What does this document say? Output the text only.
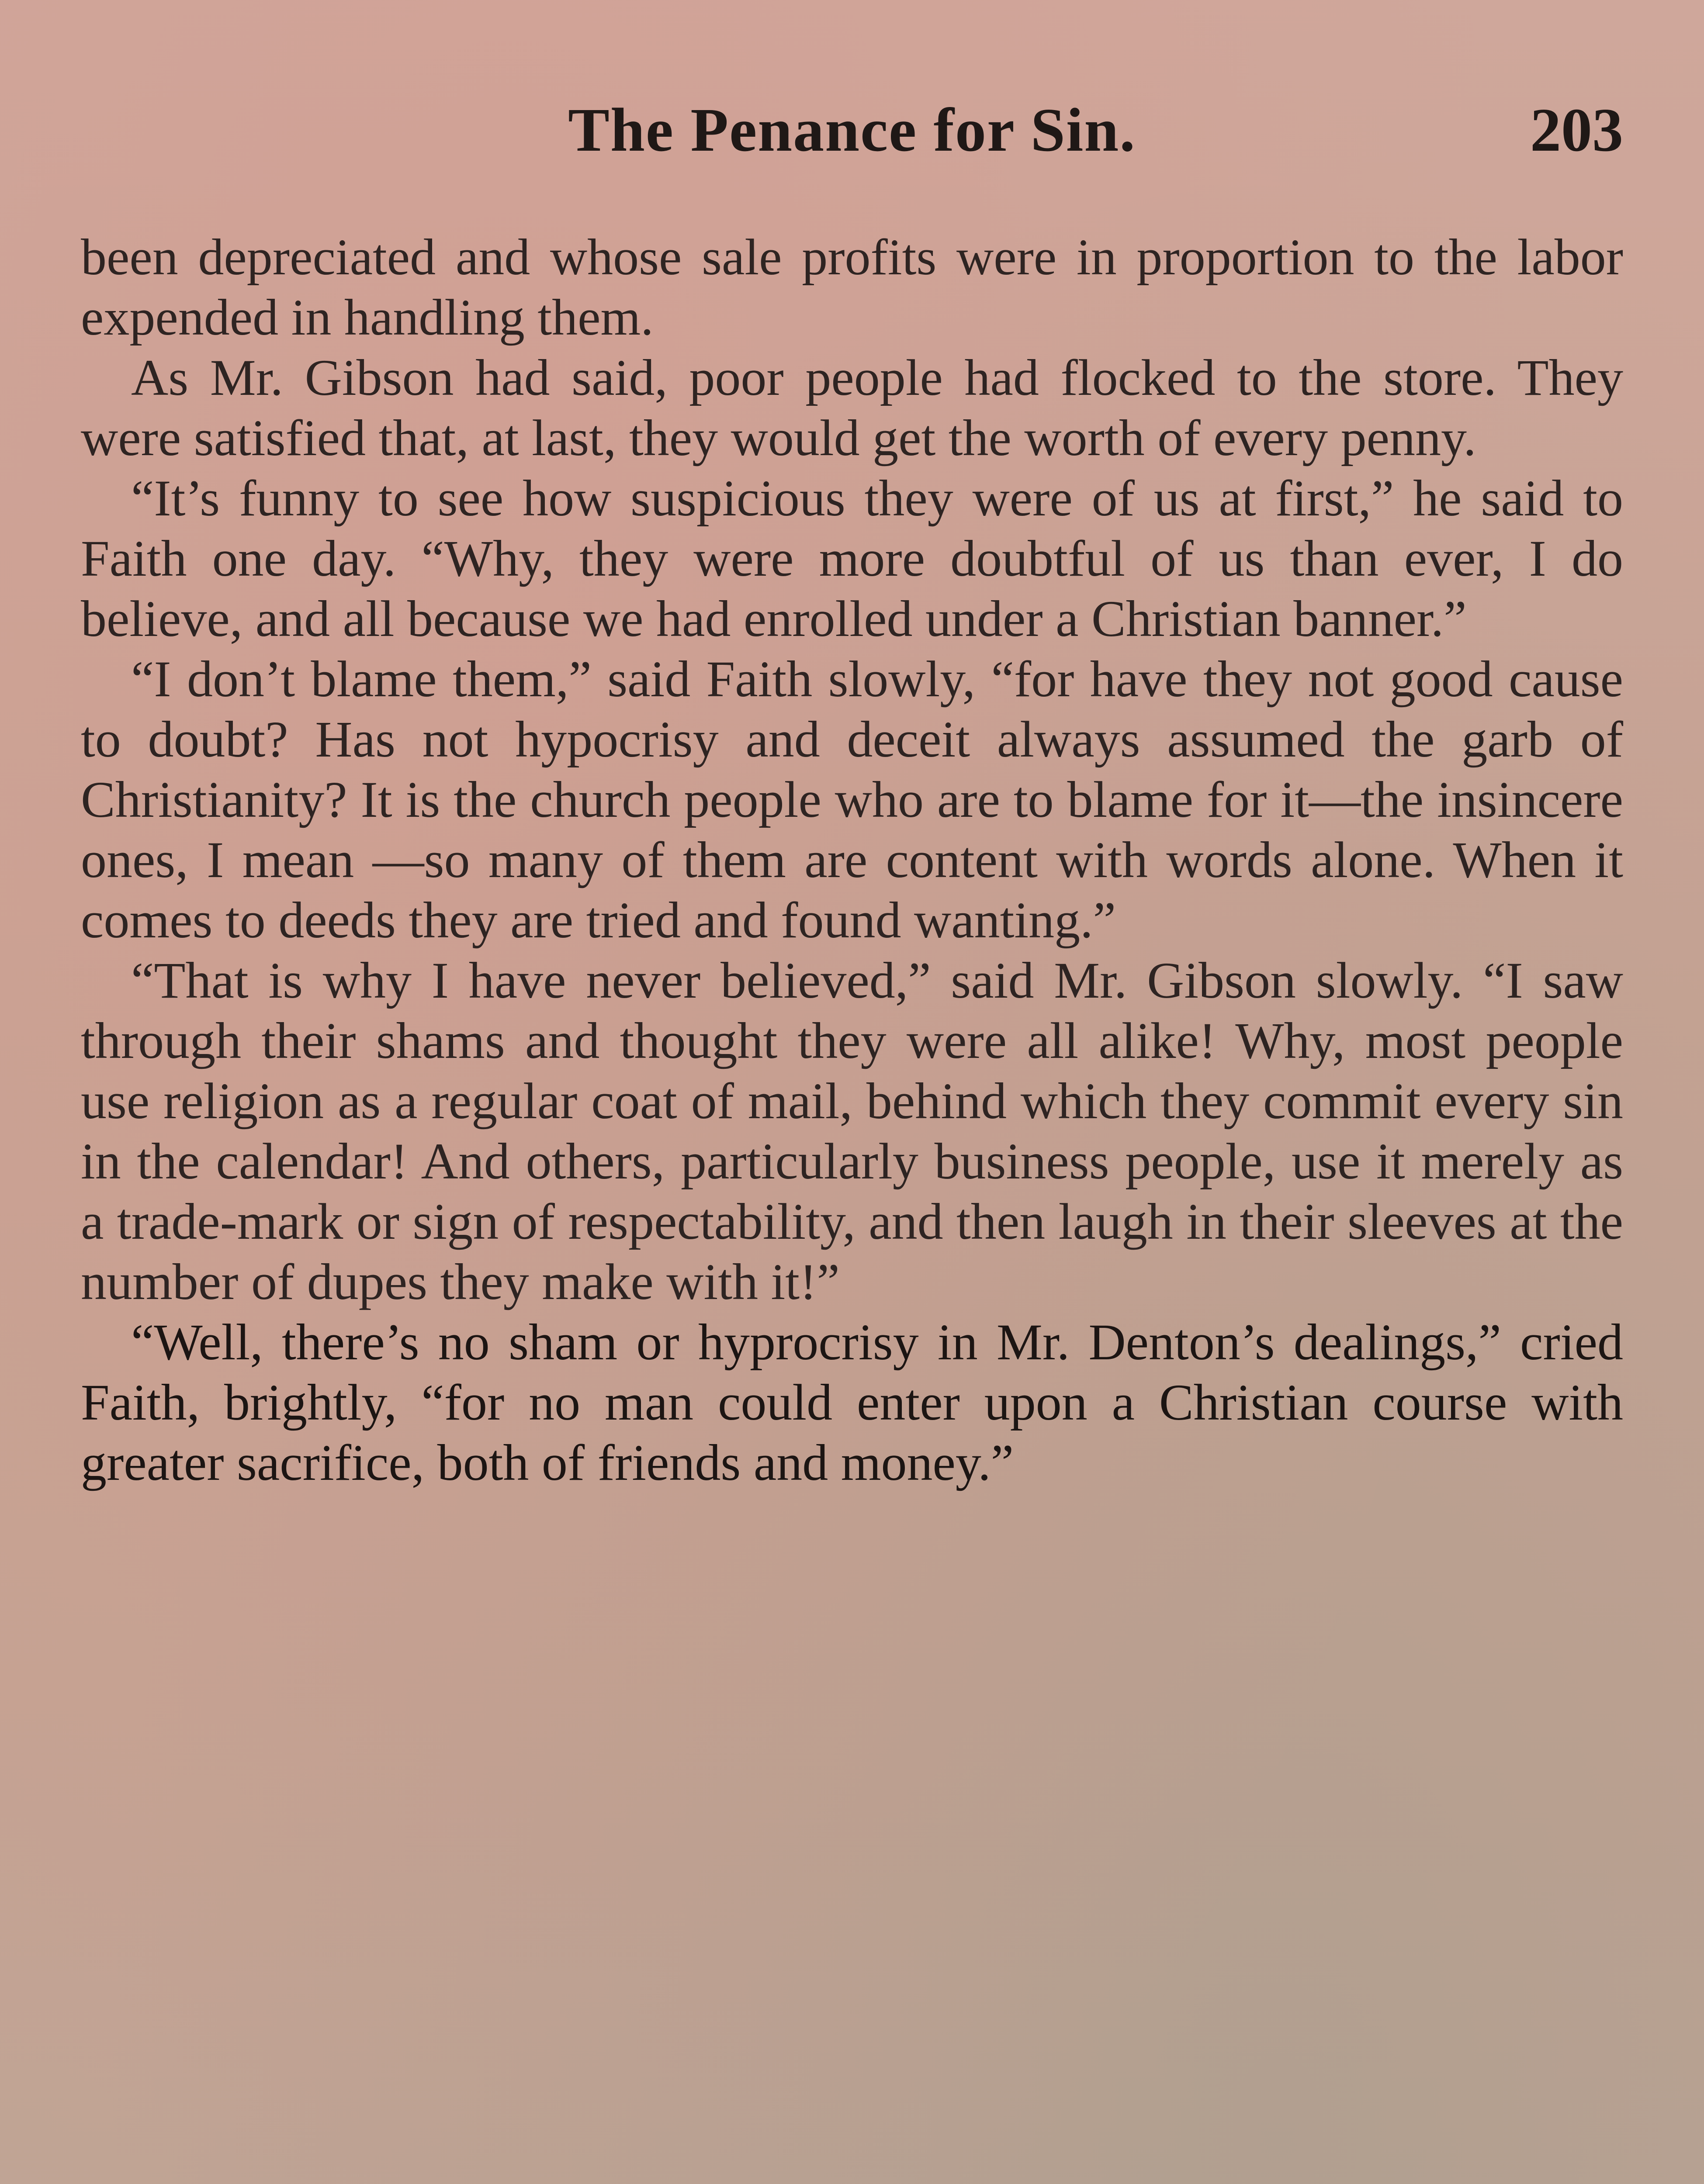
The Penance for Sin.	203

been depreciated and whose sale profits were in proportion to the labor expended in handling them.

As Mr. Gibson had said, poor people had flocked to the store. They were satisfied that, at last, they would get the worth of every penny.

“It’s funny to see how suspicious they were of us at first,” he said to Faith one day. “Why, they were more doubtful of us than ever, I do believe, and all because we had enrolled under a Christian banner.”

“I don’t blame them,” said Faith slowly, “for have they not good cause to doubt? Has not hypocrisy and deceit always assumed the garb of Christianity? It is the church people who are to blame for it—the insincere ones, I mean —so many of them are content with words alone. When it comes to deeds they are tried and found wanting.”

“That is why I have never believed,” said Mr. Gibson slowly. “I saw through their shams and thought they were all alike! Why, most people use religion as a regular coat of mail, behind which they commit every sin in the calendar! And others, particularly business people, use it merely as a trade-mark or sign of respectability, and then laugh in their sleeves at the number of dupes they make with it!”

“Well, there’s no sham or hyprocrisy in Mr. Denton’s dealings,” cried Faith, brightly, “for no man could enter upon a Christian course with greater sacrifice, both of friends and money.”
